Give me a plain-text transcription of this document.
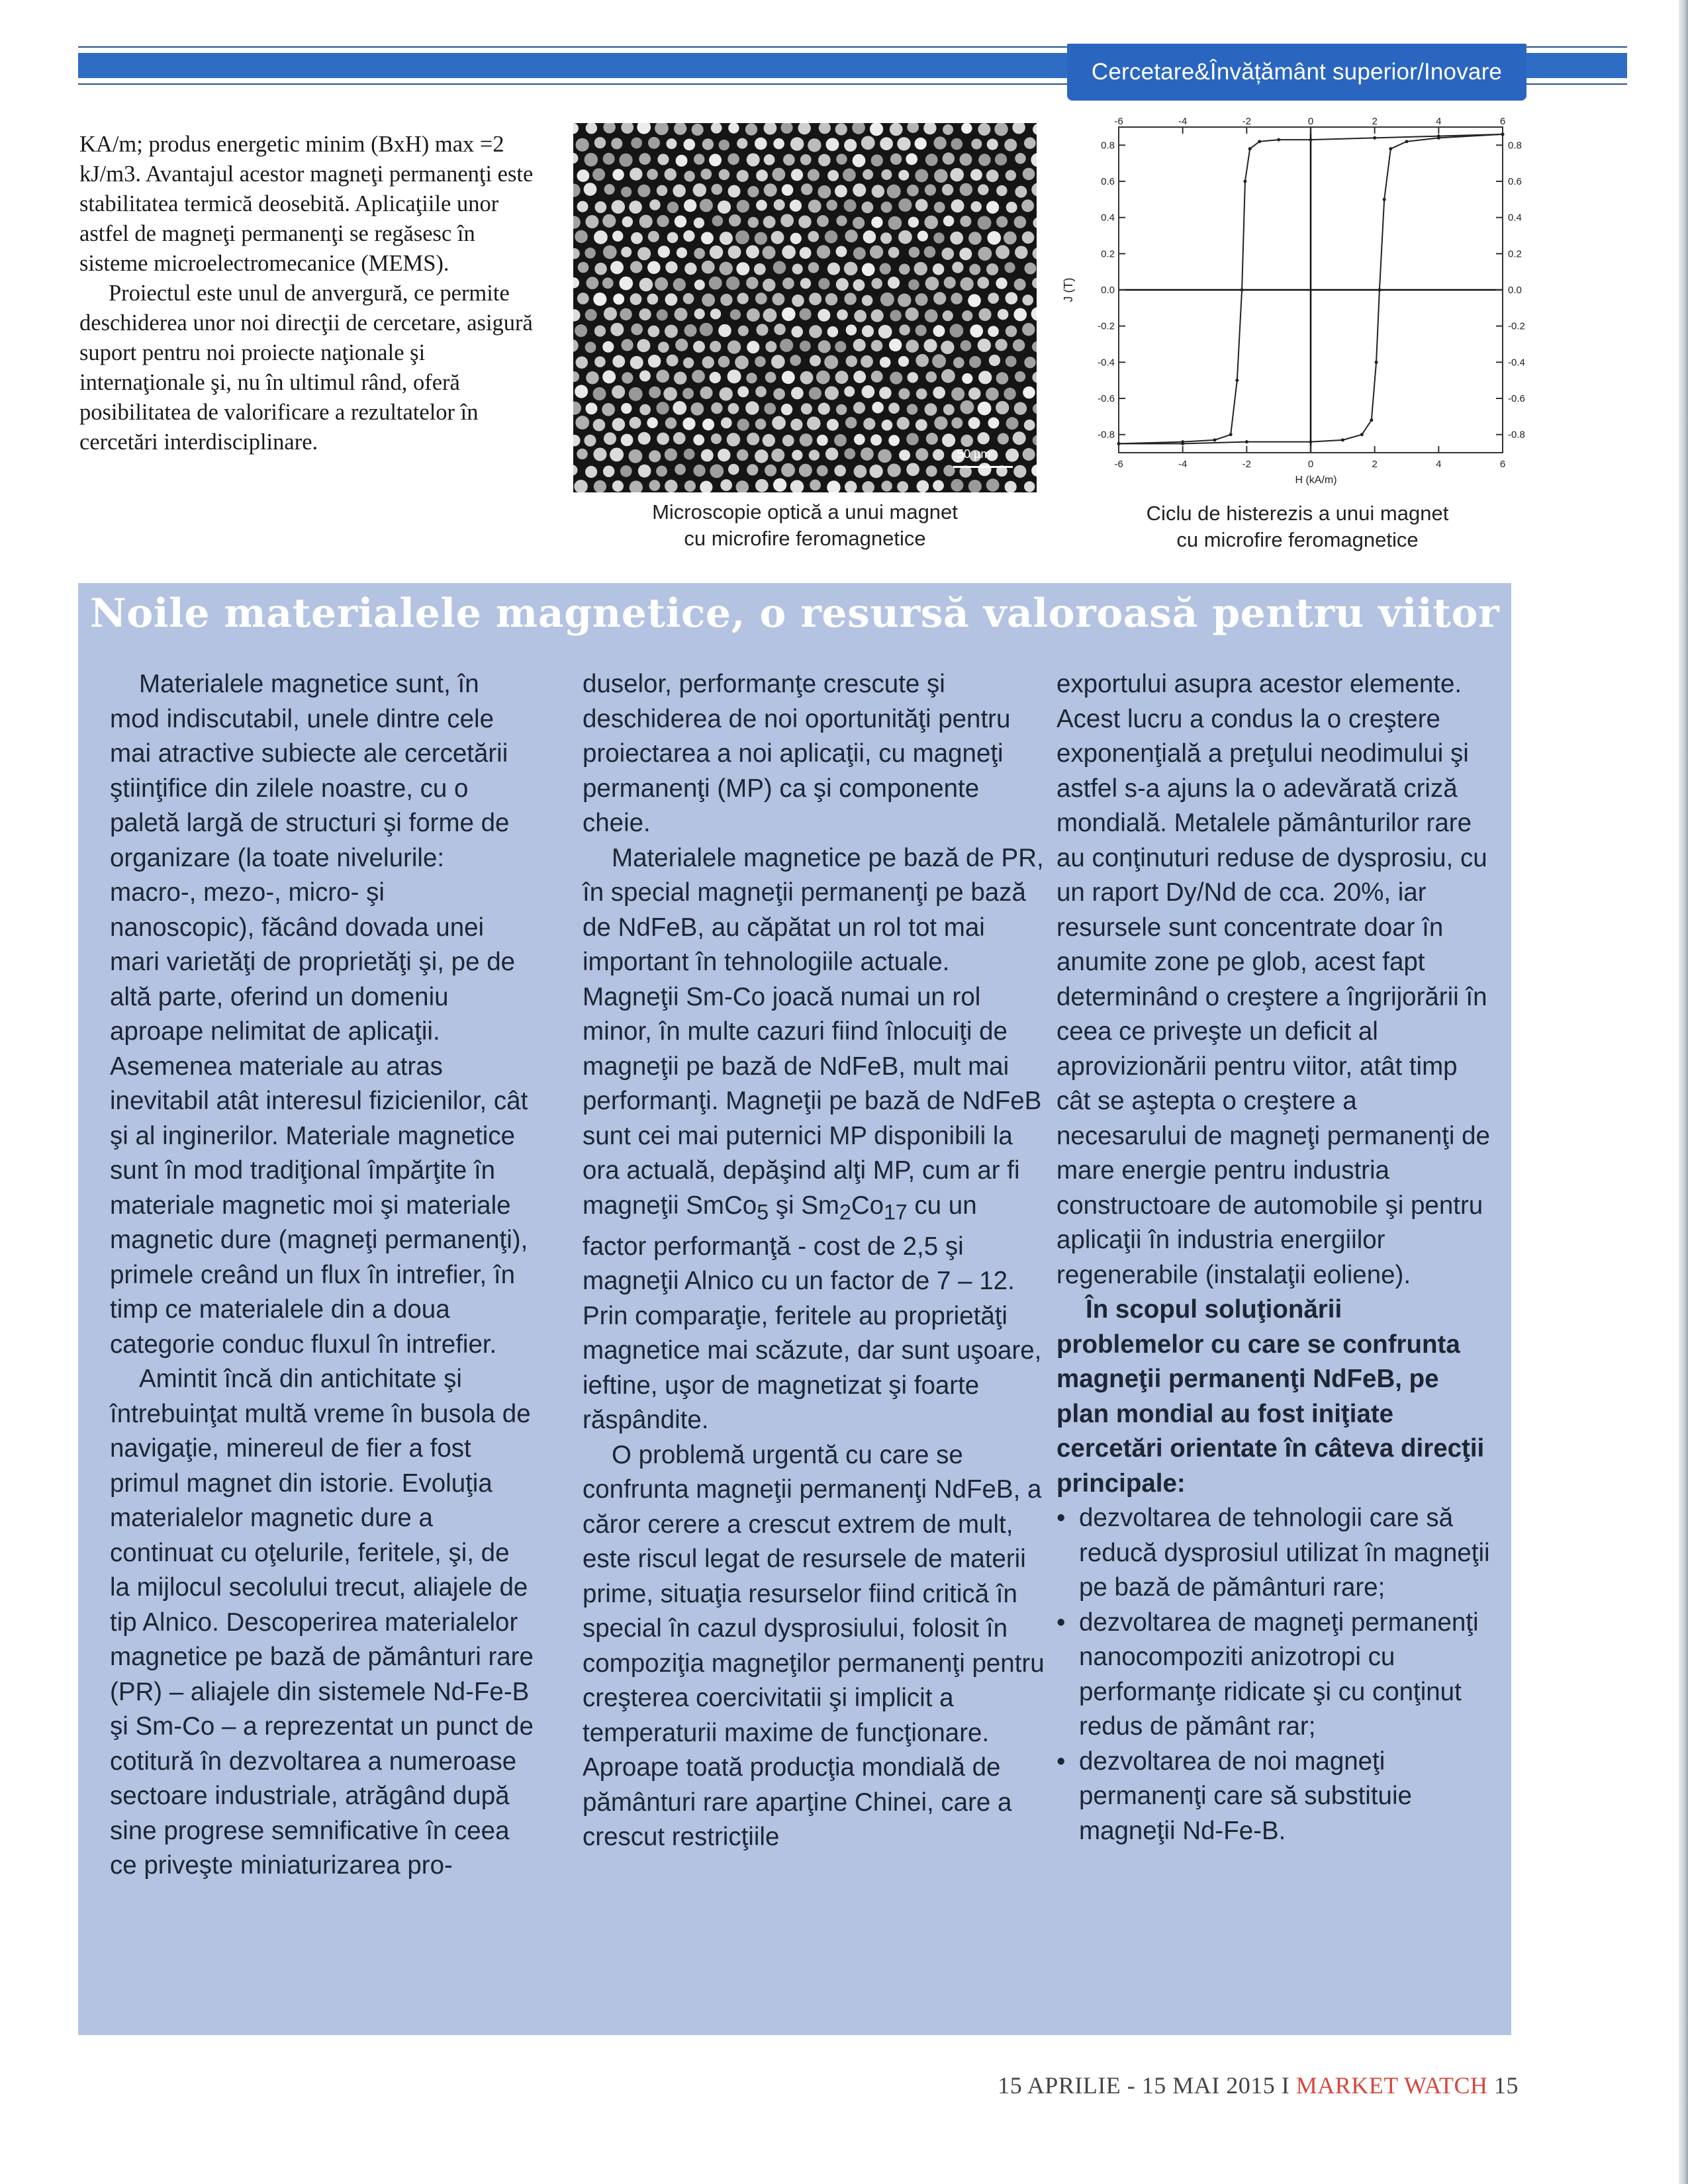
Cercetare&Învățământ superior/Inovare

KA/m; produs energetic minim (BxH) max =2 kJ/m3. Avantajul acestor magneţi permanenţi este stabilitatea termică deosebită. Aplicaţiile unor astfel de magneţi permanenţi se regăsesc în sisteme microelectromecanice (MEMS).

Proiectul este unul de anvergură, ce permite deschiderea unor noi direcţii de cercetare, asigură suport pentru noi proiecte naţionale şi internaţionale şi, nu în ultimul rând, oferă posibilitatea de valorificare a rezultatelor în cercetări interdisciplinare.	50 µm
Microscopie optică a unui magnet
cu microfire feromagnetice
-6
-6
-4
-4
-2
-2
0
0
2
2
4
4
6
6
0.8	0.8
0.6	0.6
0.4	0.4
0.2	0.2
0.0	0.0
-0.2	-0.2
-0.4	-0.4
-0.6	-0.6
-0.8	-0.8
H (kA/m)
J (T)
Ciclu de histerezis a unui magnet
cu microfire feromagnetice
Noile materialele magnetice, o resursă valoroasă pentru viitor

Materialele magnetice sunt, în mod indiscutabil, unele dintre cele mai atractive subiecte ale cercetării ştiinţifice din zilele noastre, cu o paletă largă de structuri şi forme de organizare (la toate nivelurile: macro-, mezo-, micro- şi nanoscopic), făcând dovada unei mari varietăţi de proprietăţi şi, pe de altă parte, oferind un domeniu aproape nelimitat de aplicaţii. Asemenea materiale au atras inevitabil atât interesul fizicienilor, cât şi al inginerilor. Materiale magnetice sunt în mod tradiţional împărţite în materiale magnetic moi şi materiale magnetic dure (magneţi permanenţi), primele creând un flux în intrefier, în timp ce materialele din a doua categorie conduc fluxul în intrefier.

Amintit încă din antichitate şi întrebuinţat multă vreme în busola de navigaţie, minereul de fier a fost primul magnet din istorie. Evoluţia materialelor magnetic dure a continuat cu oţelurile, feritele, şi, de la mijlocul secolului trecut, aliajele de tip Alnico. Descoperirea materialelor magnetice pe bază de pământuri rare (PR) – aliajele din sistemele Nd-Fe-B şi Sm-Co – a reprezentat un punct de cotitură în dezvoltarea a numeroase sectoare industriale, atrăgând după sine progrese semnificative în ceea ce priveşte miniaturizarea pro-

duselor, performanţe crescute şi deschiderea de noi oportunităţi pentru proiectarea a noi aplicaţii, cu magneţi permanenţi (MP) ca şi componente cheie.

Materialele magnetice pe bază de PR, în special magneţii permanenţi pe bază de NdFeB, au căpătat un rol tot mai important în tehnologiile actuale. Magneţii Sm-Co joacă numai un rol minor, în multe cazuri fiind înlocuiţi de magneţii pe bază de NdFeB, mult mai performanţi. Magneţii pe bază de NdFeB sunt cei mai puternici MP disponibili la ora actuală, depăşind alţi MP, cum ar fi magneţii SmCo$_5$ şi $Sm_2Co_{17}$ cu un factor performanţă - cost de 2,5 şi magneţii Alnico cu un factor de 7 – 12. Prin comparaţie, feritele au proprietăţi magnetice mai scăzute, dar sunt uşoare, ieftine, uşor de magnetizat şi foarte răspândite.

O problemă urgentă cu care se confrunta magneţii permanenţi NdFeB, a căror cerere a crescut extrem de mult, este riscul legat de resursele de materii prime, situaţia resurselor fiind critică în special în cazul dysprosiului, folosit în compoziţia magneţilor permanenţi pentru creşterea coercivitatii şi implicit a temperaturii maxime de funcţionare. Aproape toată producţia mondială de pământuri rare aparţine Chinei, care a crescut restricţiile

exportului asupra acestor elemente. Acest lucru a condus la o creştere exponenţială a preţului neodimului şi astfel s-a ajuns la o adevărată criză mondială. Metalele pământurilor rare au conţinuturi reduse de dysprosiu, cu un raport Dy/Nd de cca. 20%, iar resursele sunt concentrate doar în anumite zone pe glob, acest fapt determinând o creştere a îngrijorării în ceea ce priveşte un deficit al aprovizionării pentru viitor, atât timp cât se aştepta o creştere a necesarului de magneţi permanenţi de mare energie pentru industria constructoare de automobile şi pentru aplicaţii în industria energiilor regenerabile (instalaţii eoliene).

În scopul soluţionării problemelor cu care se confrunta magneţii permanenţi NdFeB, pe plan mondial au fost iniţiate cercetări orientate în câteva direcţii principale:

• dezvoltarea de tehnologii care să reducă dysprosiul utilizat în magneţii pe bază de pământuri rare;
• dezvoltarea de magneţi permanenţi nanocompoziti anizotropi cu performanţe ridicate şi cu conţinut redus de pământ rar;
• dezvoltarea de noi magneţi permanenţi care să substituie magneţii Nd-Fe-B.
15 APRILIE - 15 MAI 2015 I MARKET WATCH 15
